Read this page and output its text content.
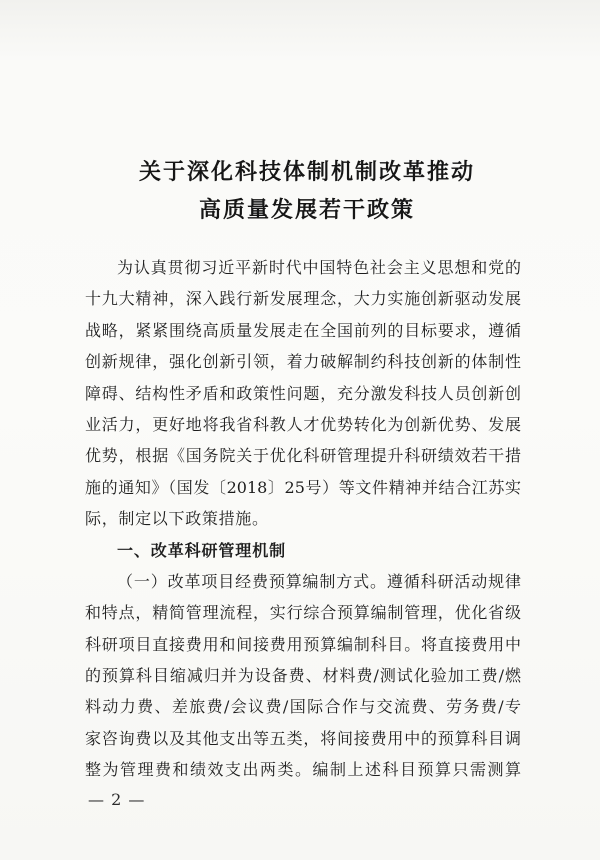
关于深化科技体制机制改革推动
高质量发展若干政策
为认真贯彻习近平新时代中国特色社会主义思想和党的
十九大精神，深入践行新发展理念，大力实施创新驱动发展
战略，紧紧围绕高质量发展走在全国前列的目标要求，遵循
创新规律，强化创新引领，着力破解制约科技创新的体制性
障碍、结构性矛盾和政策性问题，充分激发科技人员创新创
业活力，更好地将我省科教人才优势转化为创新优势、发展
优势，根据《国务院关于优化科研管理提升科研绩效若干措
施的通知》（国发〔2018〕25号）等文件精神并结合江苏实
际，制定以下政策措施。
一、改革科研管理机制
（一）改革项目经费预算编制方式。遵循科研活动规律
和特点，精简管理流程，实行综合预算编制管理，优化省级
科研项目直接费用和间接费用预算编制科目。将直接费用中
的预算科目缩减归并为设备费、材料费/测试化验加工费/燃
料动力费、差旅费/会议费/国际合作与交流费、劳务费/专
家咨询费以及其他支出等五类，将间接费用中的预算科目调
整为管理费和绩效支出两类。编制上述科目预算只需测算
— 2 —
